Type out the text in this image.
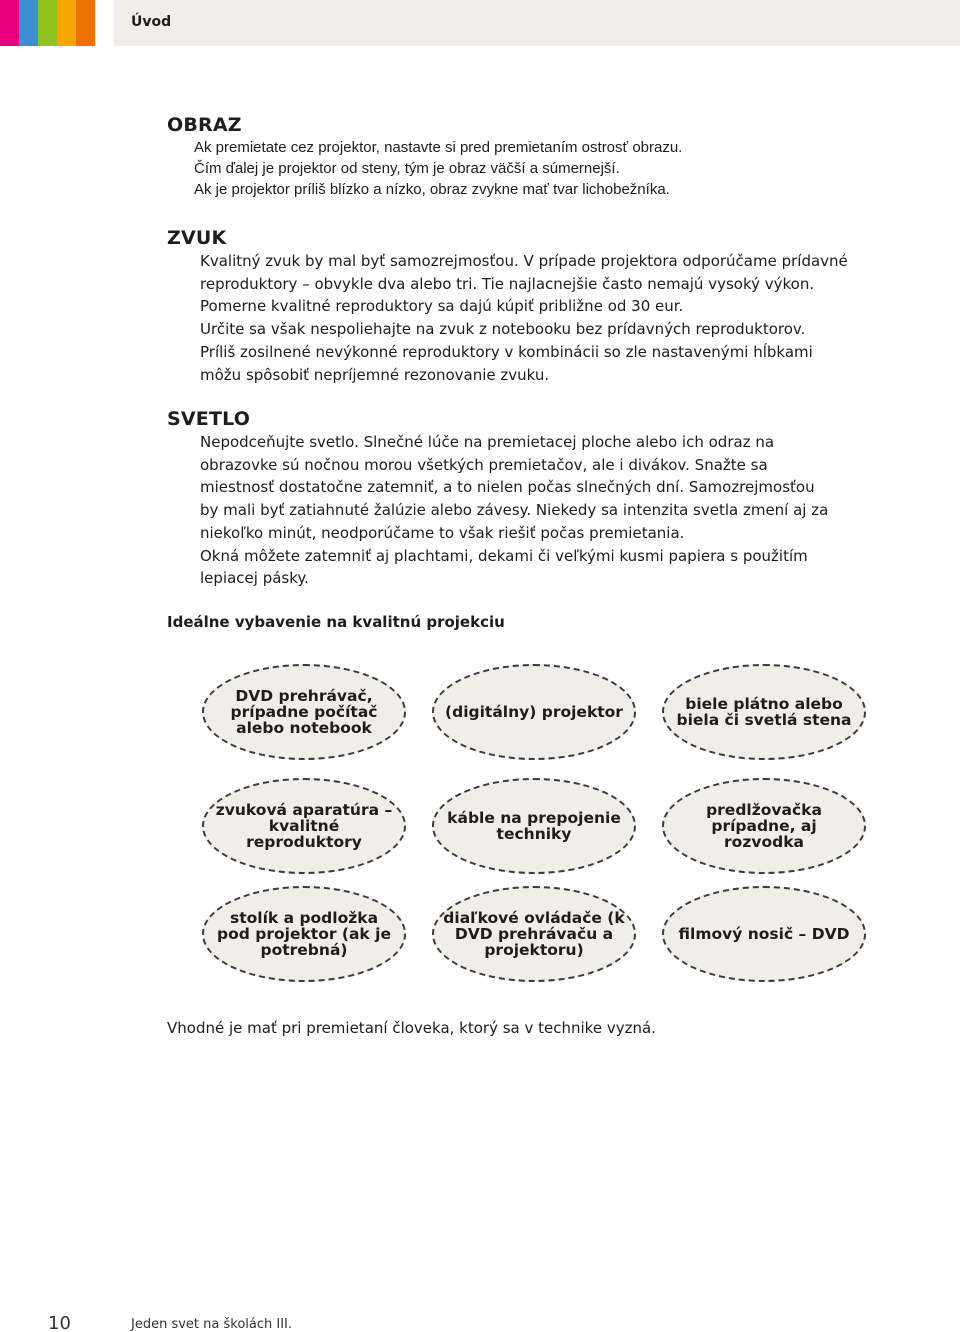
Úvod
OBRAZ
Ak premietate cez projektor, nastavte si pred premietaním ostrosť obrazu.
Čím ďalej je projektor od steny, tým je obraz väčší a súmernejší.
Ak je projektor príliš blízko a nízko, obraz zvykne mať tvar lichobežníka.
ZVUK
Kvalitný zvuk by mal byť samozrejmosťou. V prípade projektora odporúčame prídavné
reproduktory – obvykle dva alebo tri. Tie najlacnejšie často nemajú vysoký výkon.
Pomerne kvalitné reproduktory sa dajú kúpiť približne od 30 eur.
Určite sa však nespoliehajte na zvuk z notebooku bez prídavných reproduktorov.
Príliš zosilnené nevýkonné reproduktory v kombinácii so zle nastavenými hĺbkami
môžu spôsobiť nepríjemné rezonovanie zvuku.
SVETLO
Nepodceňujte svetlo. Slnečné lúče na premietacej ploche alebo ich odraz na
obrazovke sú nočnou morou všetkých premietačov, ale i divákov. Snažte sa
miestnosť dostatočne zatemniť, a to nielen počas slnečných dní. Samozrejmosťou
by mali byť zatiahnuté žalúzie alebo závesy. Niekedy sa intenzita svetla zmení aj za
niekoľko minút, neodporúčame to však riešiť počas premietania.
Okná môžete zatemniť aj plachtami, dekami či veľkými kusmi papiera s použitím
lepiacej pásky.
Ideálne vybavenie na kvalitnú projekciu
DVD prehrávač, prípadne počítač alebo notebook
(digitálny) projektor	biele plátno alebo biela či svetlá stena
zvuková aparatúra – kvalitné reproduktory
káble na prepojenie techniky
predlžovačka prípadne, aj rozvodka
stolík a podložka pod projektor (ak je potrebná)
diaľkové ovládače (k DVD prehrávaču a projektoru)
filmový nosič – DVD
Vhodné je mať pri premietaní človeka, ktorý sa v technike vyzná.
10	Jeden svet na školách III.
